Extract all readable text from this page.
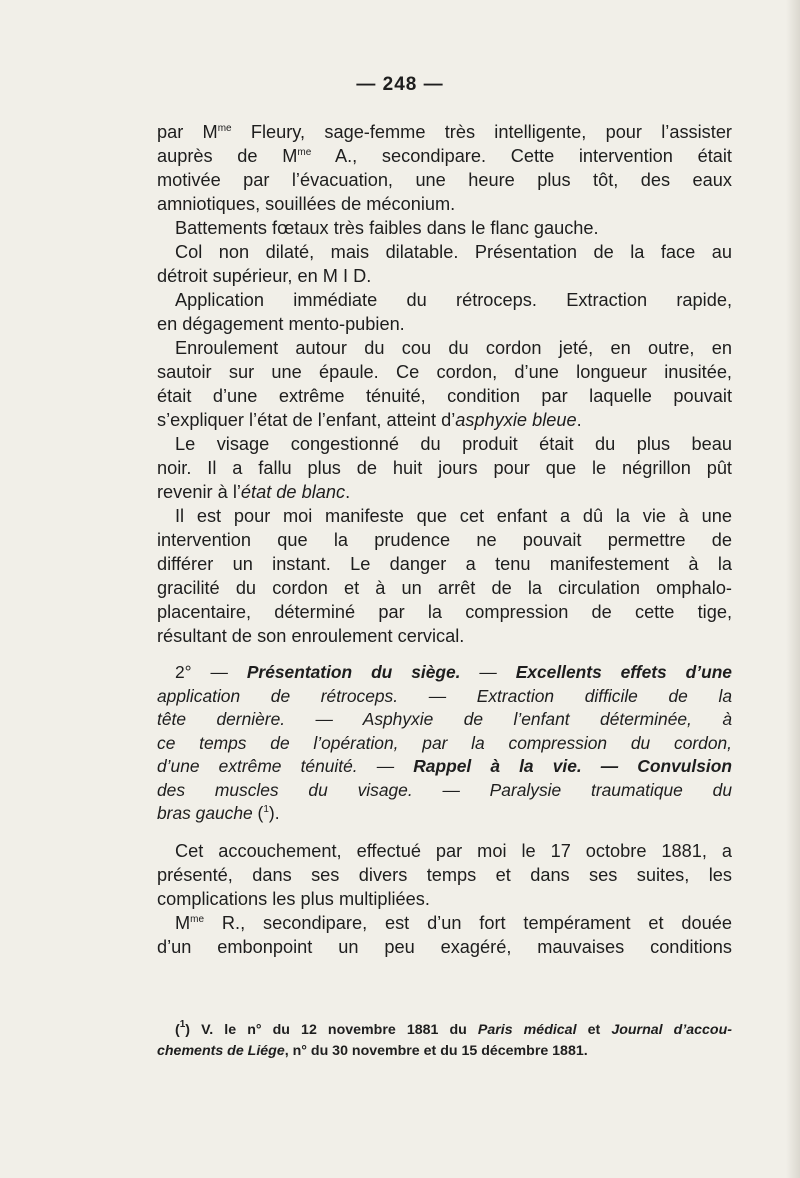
— 248 —

par $M^{me}$ Fleury, sage-femme très intelligente, pour l’assister

auprès de $M^{me}$ A., secondipare. Cette intervention était

motivée par l’évacuation, une heure plus tôt, des eaux

amniotiques, souillées de méconium.

Battements fœtaux très faibles dans le flanc gauche.

Col non dilaté, mais dilatable. Présentation de la face au

détroit supérieur, en M I D.

Application immédiate du rétroceps. Extraction rapide,

en dégagement mento-pubien.

Enroulement autour du cou du cordon jeté, en outre, en

sautoir sur une épaule. Ce cordon, d’une longueur inusitée,

était d’une extrême ténuité, condition par laquelle pouvait

s’expliquer l’état de l’enfant, atteint d’asphyxie bleue.

Le visage congestionné du produit était du plus beau

noir. Il a fallu plus de huit jours pour que le négrillon pût

revenir à l’état de blanc.

Il est pour moi manifeste que cet enfant a dû la vie à une

intervention que la prudence ne pouvait permettre de

différer un instant. Le danger a tenu manifestement à la

gracilité du cordon et à un arrêt de la circulation omphalo-

placentaire, déterminé par la compression de cette tige,

résultant de son enroulement cervical.

2° — Présentation du siège. — Excellents effets d’une

application de rétroceps. — Extraction difficile de la

tête dernière. — Asphyxie de l’enfant déterminée, à

ce temps de l’opération, par la compression du cordon,

d’une extrême ténuité. — Rappel à la vie. — Convulsion

des muscles du visage. — Paralysie traumatique du

bras gauche ($^1$).

Cet accouchement, effectué par moi le 17 octobre 1881, a

présenté, dans ses divers temps et dans ses suites, les

complications les plus multipliées.

$M^{me}$ R., secondipare, est d’un fort tempérament et douée

d’un embonpoint un peu exagéré, mauvaises conditions

($^1$) V. le n° du 12 novembre 1881 du Paris médical et Journal d’accou-

chements de Liége, n° du 30 novembre et du 15 décembre 1881.
